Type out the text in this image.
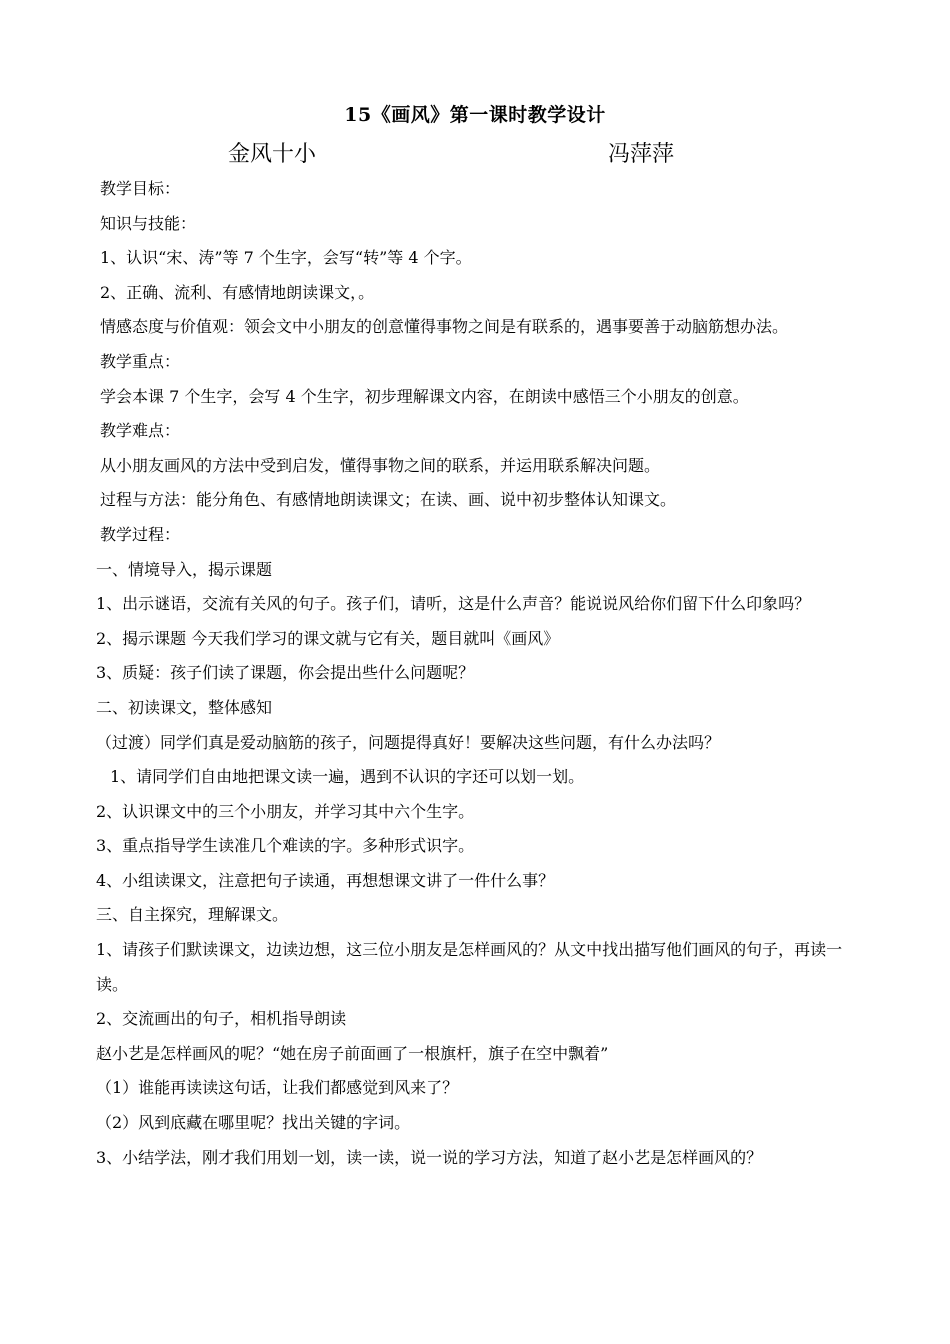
15《画风》第一课时教学设计
金风十小	冯萍萍
教学目标：
知识与技能：
1、认识“宋、涛”等 7 个生字，会写“转”等 4 个字。
2、正确、流利、有感情地朗读课文，。
情感态度与价值观：领会文中小朋友的创意懂得事物之间是有联系的，遇事要善于动脑筋想办法。
教学重点：
学会本课 7 个生字，会写 4 个生字，初步理解课文内容，在朗读中感悟三个小朋友的创意。
教学难点：
从小朋友画风的方法中受到启发，懂得事物之间的联系，并运用联系解决问题。
过程与方法：能分角色、有感情地朗读课文；在读、画、说中初步整体认知课文。
教学过程：
一、情境导入，揭示课题
1、出示谜语，交流有关风的句子。孩子们，请听，这是什么声音？能说说风给你们留下什么印象吗？
2、揭示课题 今天我们学习的课文就与它有关，题目就叫《画风》
3、质疑：孩子们读了课题，你会提出些什么问题呢？
二、初读课文，整体感知
（过渡）同学们真是爱动脑筋的孩子，问题提得真好！要解决这些问题，有什么办法吗？
1、请同学们自由地把课文读一遍，遇到不认识的字还可以划一划。
2、认识课文中的三个小朋友，并学习其中六个生字。
3、重点指导学生读准几个难读的字。多种形式识字。
4、小组读课文，注意把句子读通，再想想课文讲了一件什么事？
三、自主探究，理解课文。
1、请孩子们默读课文，边读边想，这三位小朋友是怎样画风的？从文中找出描写他们画风的句子，再读一读。
2、交流画出的句子，相机指导朗读
赵小艺是怎样画风的呢？“她在房子前面画了一根旗杆，旗子在空中飘着”
（1）谁能再读读这句话，让我们都感觉到风来了？
（2）风到底藏在哪里呢？找出关键的字词。
3、小结学法，刚才我们用划一划，读一读，说一说的学习方法，知道了赵小艺是怎样画风的？
